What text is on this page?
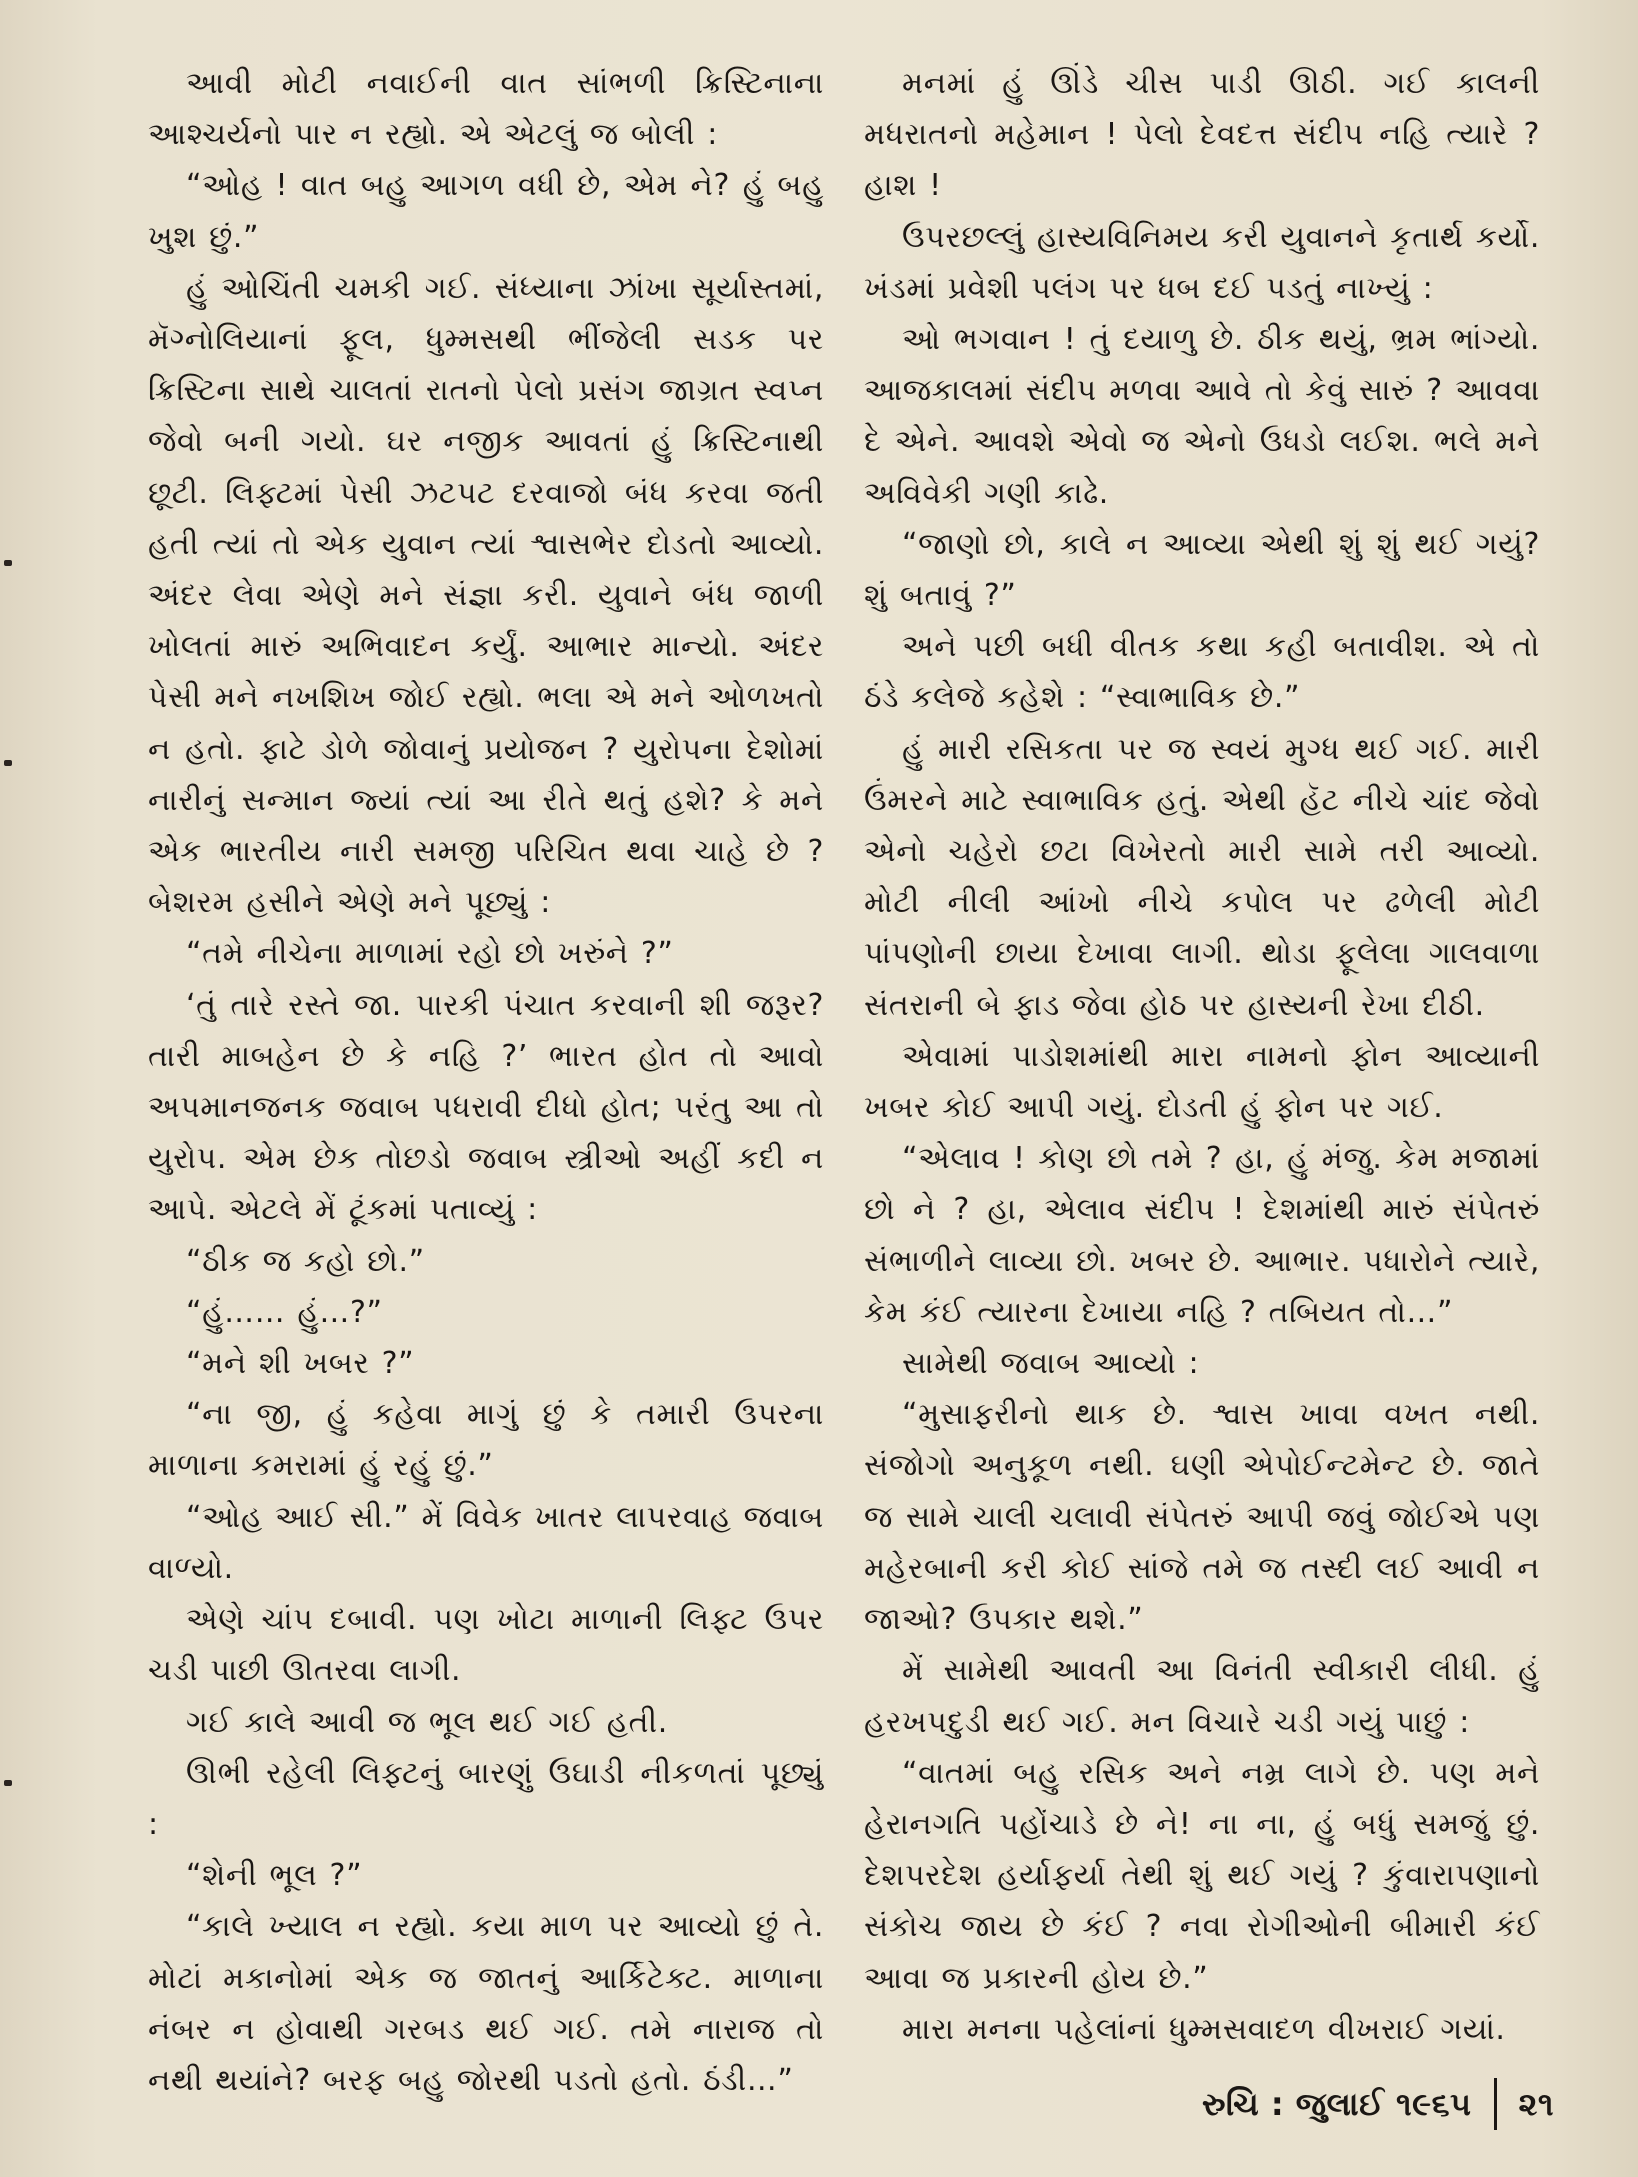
આવી મોટી નવાઈની વાત સાંભળી ક્રિસ્ટિનાના આશ્ચર્યનો પાર ન રહ્યો. એ એટલું જ બોલી :

“ઓહ ! વાત બહુ આગળ વધી છે, એમ ને? હું બહુ ખુશ છું.”

હું ઓચિંતી ચમકી ગઈ. સંધ્યાના ઝાંખા સૂર્યાસ્તમાં, મૅગ્નોલિયાનાં ફૂલ, ધુમ્મસથી ભીંજેલી સડક પર ક્રિસ્ટિના સાથે ચાલતાં રાતનો પેલો પ્રસંગ જાગ્રત સ્વપ્ન જેવો બની ગયો. ઘર નજીક આવતાં હું ક્રિસ્ટિનાથી છૂટી. લિફ્ટમાં પેસી ઝટપટ દરવાજો બંધ કરવા જતી હતી ત્યાં તો એક યુવાન ત્યાં શ્વાસભેર દોડતો આવ્યો. અંદર લેવા એણે મને સંજ્ઞા કરી. યુવાને બંધ જાળી ખોલતાં મારું અભિવાદન કર્યું. આભાર માન્યો. અંદર પેસી મને નખશિખ જોઈ રહ્યો. ભલા એ મને ઓળખતો ન હતો. ફાટે ડોળે જોવાનું પ્રયોજન ? યુરોપના દેશોમાં નારીનું સન્માન જ્યાં ત્યાં આ રીતે થતું હશે? કે મને એક ભારતીય નારી સમજી પરિચિત થવા ચાહે છે ? બેશરમ હસીને એણે મને પૂછ્યું :

“તમે નીચેના માળામાં રહો છો ખરુંને ?”

‘તું તારે રસ્તે જા. પારકી પંચાત કરવાની શી જરૂર? તારી માબહેન છે કે નહિ ?’ ભારત હોત તો આવો અપમાનજનક જવાબ પધરાવી દીધો હોત; પરંતુ આ તો યુરોપ. એમ છેક તોછડો જવાબ સ્ત્રીઓ અહીં કદી ન આપે. એટલે મેં ટૂંકમાં પતાવ્યું :

“ઠીક જ કહો છો.”

“હું…… હું…?”

“મને શી ખબર ?”

“ના જી, હું કહેવા માગું છું કે તમારી ઉપરના માળાના કમરામાં હું રહું છું.”

“ઓહ આઈ સી.” મેં વિવેક ખાતર લાપરવાહ જવાબ વાળ્યો.

એણે ચાંપ દબાવી. પણ ખોટા માળાની લિફ્ટ ઉપર ચડી પાછી ઊતરવા લાગી.

ગઈ કાલે આવી જ ભૂલ થઈ ગઈ હતી.

ઊભી રહેલી લિફ્ટનું બારણું ઉઘાડી નીકળતાં પૂછ્યું :

“શેની ભૂલ ?”

“કાલે ખ્યાલ ન રહ્યો. કયા માળ પર આવ્યો છું તે. મોટાં મકાનોમાં એક જ જાતનું આર્કિટેક્ટ. માળાના નંબર ન હોવાથી ગરબડ થઈ ગઈ. તમે નારાજ તો નથી થયાંને? બરફ બહુ જોરથી પડતો હતો. ઠંડી…”

મનમાં હું ઊંડે ચીસ પાડી ઊઠી. ગઈ કાલની મધરાતનો મહેમાન ! પેલો દેવદત્ત સંદીપ નહિ ત્યારે ? હાશ !

ઉપરછલ્લું હાસ્યવિનિમય કરી યુવાનને કૃતાર્થ કર્યો. ખંડમાં પ્રવેશી પલંગ પર ધબ દઈ પડતું નાખ્યું :

ઓ ભગવાન ! તું દયાળુ છે. ઠીક થયું, ભ્રમ ભાંગ્યો. આજકાલમાં સંદીપ મળવા આવે તો કેવું સારું ? આવવા દે એને. આવશે એવો જ એનો ઉધડો લઈશ. ભલે મને અવિવેકી ગણી કાઢે.

“જાણો છો, કાલે ન આવ્યા એથી શું શું થઈ ગયું? શું બતાવું ?”

અને પછી બધી વીતક કથા કહી બતાવીશ. એ તો ઠંડે કલેજે કહેશે : “સ્વાભાવિક છે.”

હું મારી રસિકતા પર જ સ્વયં મુગ્ધ થઈ ગઈ. મારી ઉંમરને માટે સ્વાભાવિક હતું. એથી હૅટ નીચે ચાંદ જેવો એનો ચહેરો છટા વિખેરતો મારી સામે તરી આવ્યો. મોટી નીલી આંખો નીચે કપોલ પર ઢળેલી મોટી પાંપણોની છાયા દેખાવા લાગી. થોડા ફૂલેલા ગાલવાળા સંતરાની બે ફાડ જેવા હોઠ પર હાસ્યની રેખા દીઠી.

એવામાં પાડોશમાંથી મારા નામનો ફોન આવ્યાની ખબર કોઈ આપી ગયું. દોડતી હું ફોન પર ગઈ.

“એલાવ ! કોણ છો તમે ? હા, હું મંજુ. કેમ મજામાં છો ને ? હા, એલાવ સંદીપ ! દેશમાંથી મારું સંપેતરું સંભાળીને લાવ્યા છો. ખબર છે. આભાર. પધારોને ત્યારે, કેમ કંઈ ત્યારના દેખાયા નહિ ? તબિયત તો…”

સામેથી જવાબ આવ્યો :

“મુસાફરીનો થાક છે. શ્વાસ ખાવા વખત નથી. સંજોગો અનુકૂળ નથી. ઘણી એપોઈન્ટમેન્ટ છે. જાતે જ સામે ચાલી ચલાવી સંપેતરું આપી જવું જોઈએ પણ મહેરબાની કરી કોઈ સાંજે તમે જ તસ્દી લઈ આવી ન જાઓ? ઉપકાર થશે.”

મેં સામેથી આવતી આ વિનંતી સ્વીકારી લીધી. હું હરખપદુડી થઈ ગઈ. મન વિચારે ચડી ગયું પાછું :

“વાતમાં બહુ રસિક અને નમ્ર લાગે છે. પણ મને હેરાનગતિ પહોંચાડે છે ને! ના ના, હું બધું સમજું છું. દેશપરદેશ હર્યાફર્યા તેથી શું થઈ ગયું ? કુંવારાપણાનો સંકોચ જાય છે કંઈ ? નવા રોગીઓની બીમારી કંઈ આવા જ પ્રકારની હોય છે.”

મારા મનના પહેલાંનાં ધુમ્મસવાદળ વીખરાઈ ગયાં.

રુચિ : જુલાઈ ૧૯૬૫ ૨૧
